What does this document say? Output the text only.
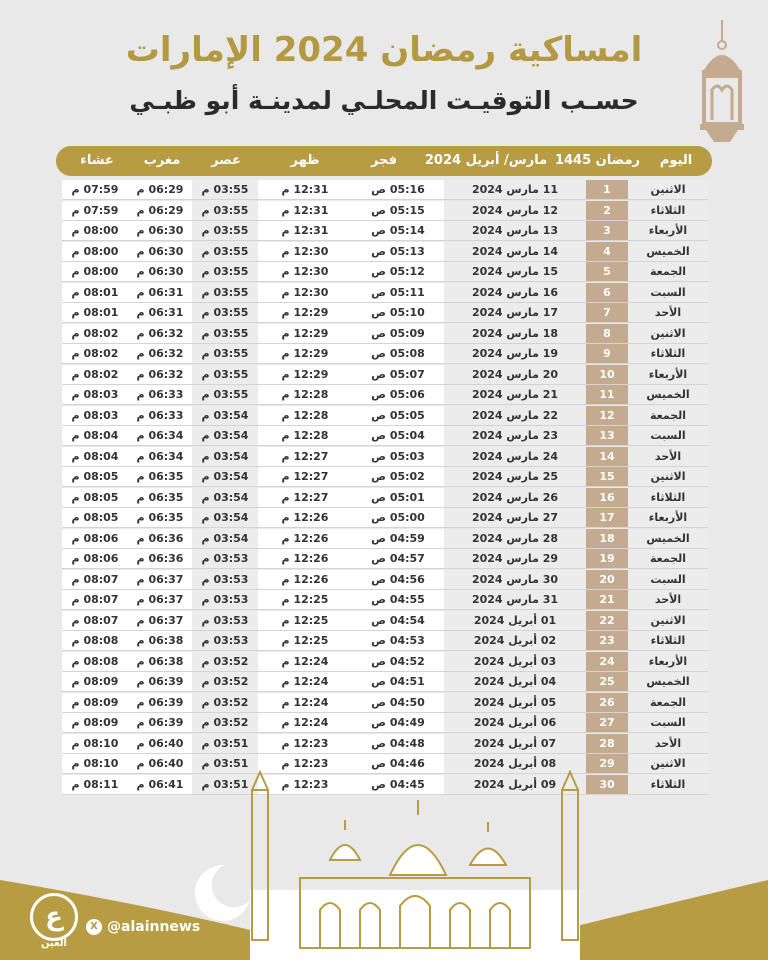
امساكية رمضان 2024 الإمارات
حسـب التوقيـت المحلـي لمدينـة أبو ظبـي
اليوم
رمضان 1445
مارس/ أبريل 2024
فجر
ظهر
عصر
مغرب
عشاء
الاثنين
1
11 مارس 2024
05:16 ص
12:31 م
03:55 م
06:29 م
07:59 م
الثلاثاء
2
12 مارس 2024
05:15 ص
12:31 م
03:55 م
06:29 م
07:59 م
الأربعاء
3
13 مارس 2024
05:14 ص
12:31 م
03:55 م
06:30 م
08:00 م
الخميس
4
14 مارس 2024
05:13 ص
12:30 م
03:55 م
06:30 م
08:00 م
الجمعة
5
15 مارس 2024
05:12 ص
12:30 م
03:55 م
06:30 م
08:00 م
السبت
6
16 مارس 2024
05:11 ص
12:30 م
03:55 م
06:31 م
08:01 م
الأحد
7
17 مارس 2024
05:10 ص
12:29 م
03:55 م
06:31 م
08:01 م
الاثنين
8
18 مارس 2024
05:09 ص
12:29 م
03:55 م
06:32 م
08:02 م
الثلاثاء
9
19 مارس 2024
05:08 ص
12:29 م
03:55 م
06:32 م
08:02 م
الأربعاء
10
20 مارس 2024
05:07 ص
12:29 م
03:55 م
06:32 م
08:02 م
الخميس
11
21 مارس 2024
05:06 ص
12:28 م
03:55 م
06:33 م
08:03 م
الجمعة
12
22 مارس 2024
05:05 ص
12:28 م
03:54 م
06:33 م
08:03 م
السبت
13
23 مارس 2024
05:04 ص
12:28 م
03:54 م
06:34 م
08:04 م
الأحد
14
24 مارس 2024
05:03 ص
12:27 م
03:54 م
06:34 م
08:04 م
الاثنين
15
25 مارس 2024
05:02 ص
12:27 م
03:54 م
06:35 م
08:05 م
الثلاثاء
16
26 مارس 2024
05:01 ص
12:27 م
03:54 م
06:35 م
08:05 م
الأربعاء
17
27 مارس 2024
05:00 ص
12:26 م
03:54 م
06:35 م
08:05 م
الخميس
18
28 مارس 2024
04:59 ص
12:26 م
03:54 م
06:36 م
08:06 م
الجمعة
19
29 مارس 2024
04:57 ص
12:26 م
03:53 م
06:36 م
08:06 م
السبت
20
30 مارس 2024
04:56 ص
12:26 م
03:53 م
06:37 م
08:07 م
الأحد
21
31 مارس 2024
04:55 ص
12:25 م
03:53 م
06:37 م
08:07 م
الاثنين
22
01 أبريل 2024
04:54 ص
12:25 م
03:53 م
06:37 م
08:07 م
الثلاثاء
23
02 أبريل 2024
04:53 ص
12:25 م
03:53 م
06:38 م
08:08 م
الأربعاء
24
03 أبريل 2024
04:52 ص
12:24 م
03:52 م
06:38 م
08:08 م
الخميس
25
04 أبريل 2024
04:51 ص
12:24 م
03:52 م
06:39 م
08:09 م
الجمعة
26
05 أبريل 2024
04:50 ص
12:24 م
03:52 م
06:39 م
08:09 م
السبت
27
06 أبريل 2024
04:49 ص
12:24 م
03:52 م
06:39 م
08:09 م
الأحد
28
07 أبريل 2024
04:48 ص
12:23 م
03:51 م
06:40 م
08:10 م
الاثنين
29
08 أبريل 2024
04:46 ص
12:23 م
03:51 م
06:40 م
08:10 م
الثلاثاء
30
09 أبريل 2024
04:45 ص
12:23 م
03:51 م
06:41 م
08:11 م
ع
العين
X @alainnews
